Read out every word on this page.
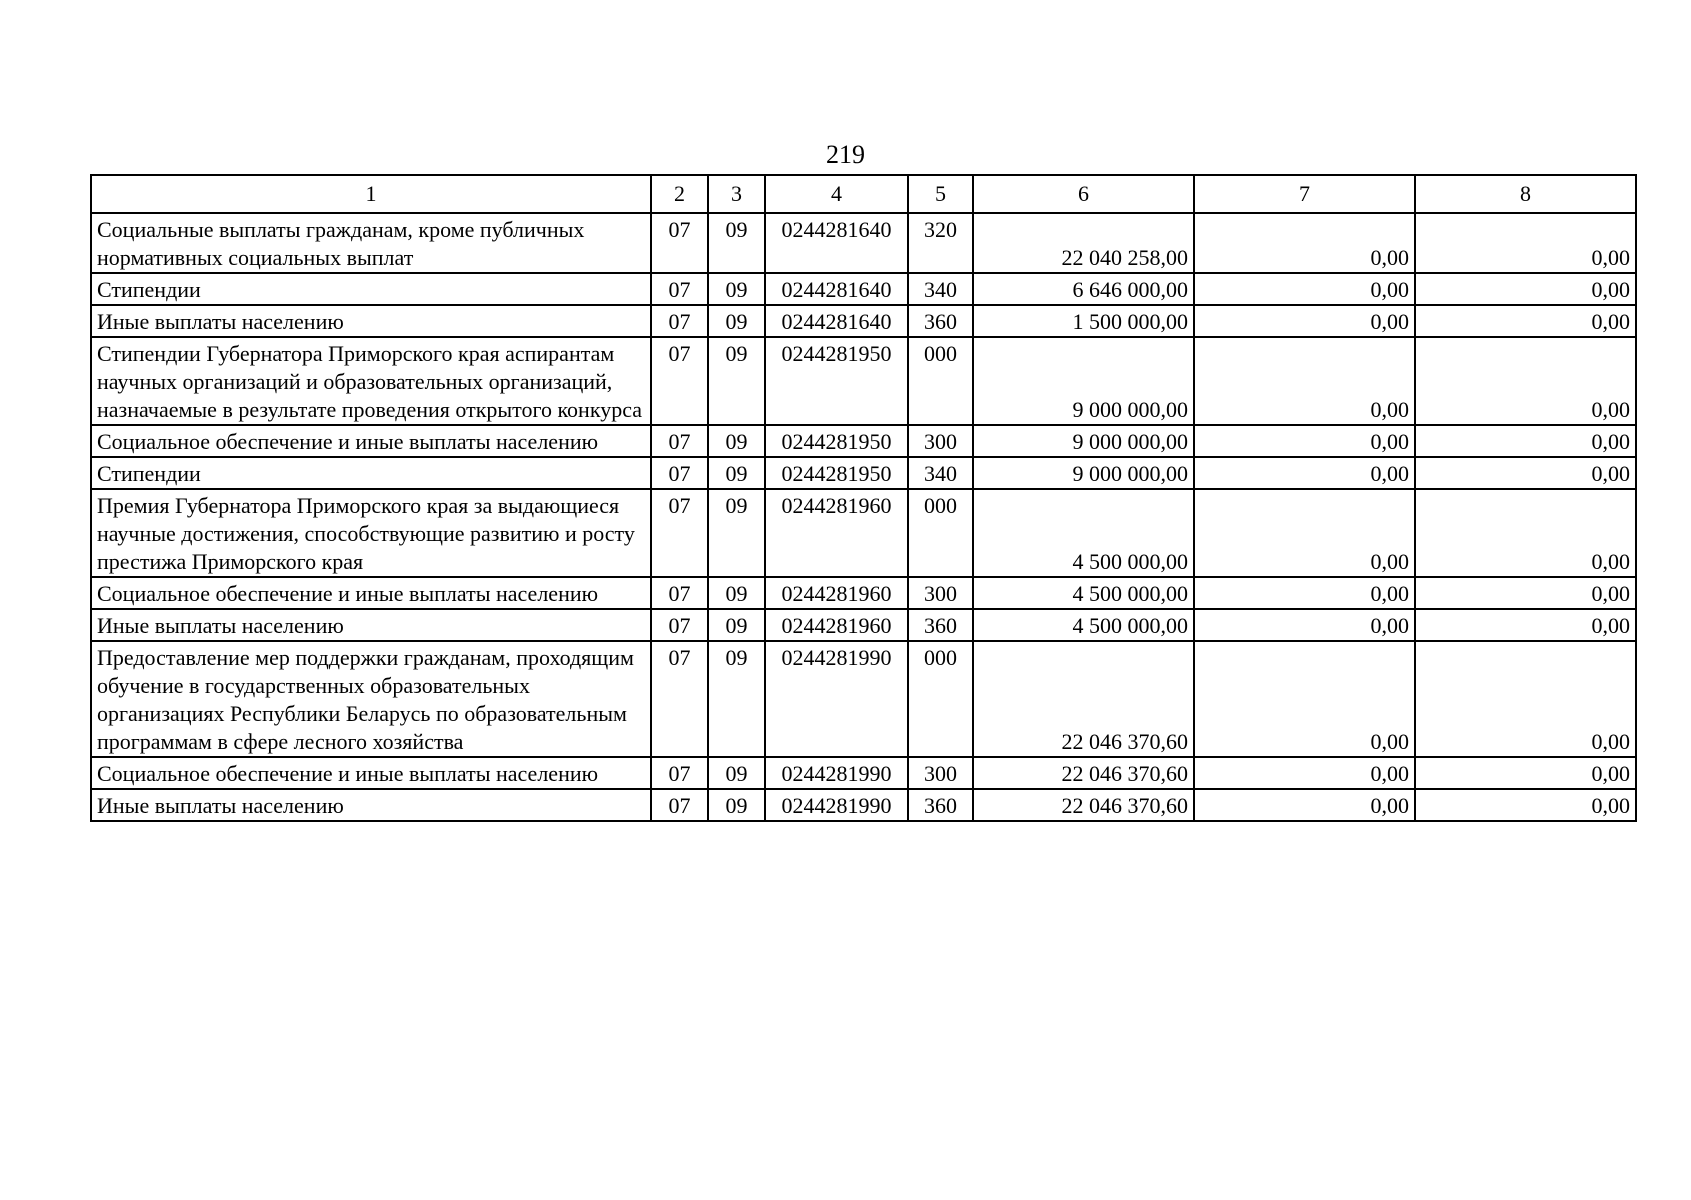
219
1	2	3	4	5	6	7	8
Социальные выплаты гражданам, кроме публичных нормативных социальных выплат	07	09	0244281640	320	22 040 258,00	0,00	0,00
Стипендии	07	09	0244281640	340	6 646 000,00	0,00	0,00
Иные выплаты населению	07	09	0244281640	360	1 500 000,00	0,00	0,00
Стипендии Губернатора Приморского края аспирантам научных организаций и образовательных организаций, назначаемые в результате проведения открытого конкурса	07	09	0244281950	000	9 000 000,00	0,00	0,00
Социальное обеспечение и иные выплаты населению	07	09	0244281950	300	9 000 000,00	0,00	0,00
Стипендии	07	09	0244281950	340	9 000 000,00	0,00	0,00
Премия Губернатора Приморского края за выдающиеся научные достижения, способствующие развитию и росту престижа Приморского края	07	09	0244281960	000	4 500 000,00	0,00	0,00
Социальное обеспечение и иные выплаты населению	07	09	0244281960	300	4 500 000,00	0,00	0,00
Иные выплаты населению	07	09	0244281960	360	4 500 000,00	0,00	0,00
Предоставление мер поддержки гражданам, проходящим обучение в государственных образовательных организациях Республики Беларусь по образовательным программам в сфере лесного хозяйства	07	09	0244281990	000	22 046 370,60	0,00	0,00
Социальное обеспечение и иные выплаты населению	07	09	0244281990	300	22 046 370,60	0,00	0,00
Иные выплаты населению	07	09	0244281990	360	22 046 370,60	0,00	0,00
